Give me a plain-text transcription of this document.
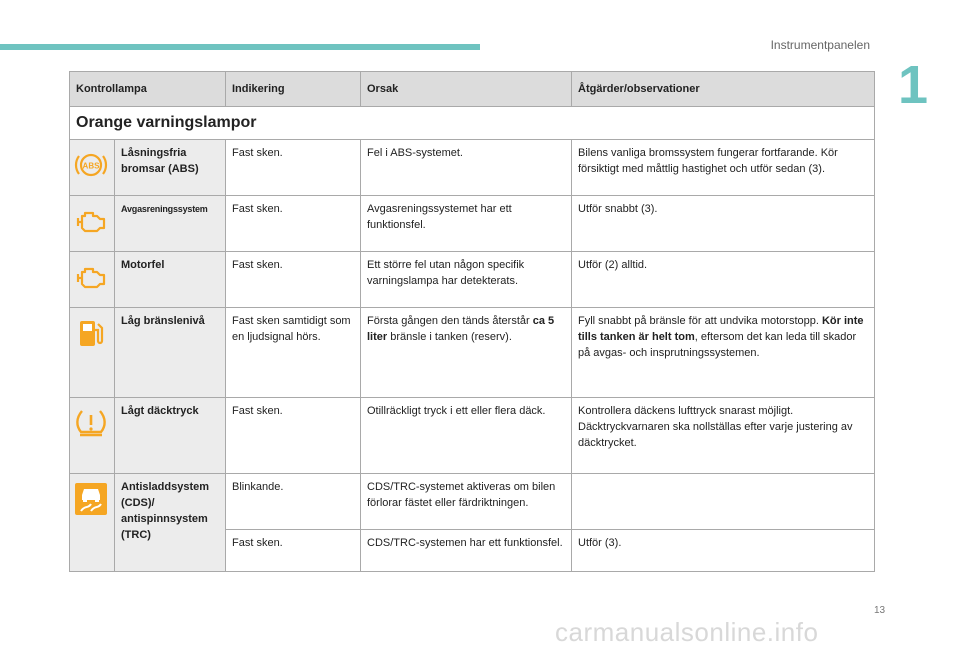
Instrumentpanelen
1
Kontrollampa		Indikering	Orsak	Åtgärder/observationer
Orange varningslampor				

ABS	Låsningsfria bromsar (ABS)	Fast sken.	Fel i ABS-systemet.	Bilens vanliga bromssystem fungerar fortfarande. Kör försiktigt med måttlig hastighet och utför sedan (3).
	Avgasreningssystem	Fast sken.	Avgasreningssystemet har ett funktionsfel.	Utför snabbt (3).
	Motorfel	Fast sken.	Ett större fel utan någon specifik varningslampa har detekterats.	Utför (2) alltid.
	Låg bränslenivå	Fast sken samtidigt som en ljudsignal hörs.	Första gången den tänds återstår ca 5 liter bränsle i tanken (reserv).	Fyll snabbt på bränsle för att undvika motorstopp. Kör inte tills tanken är helt tom, eftersom det kan leda till skador på avgas- och insprutningssystemen.
	Lågt däcktryck	Fast sken.	Otillräckligt tryck i ett eller flera däck.	Kontrollera däckens lufttryck snarast möjligt. Däcktryckvarnaren ska nollställas efter varje justering av däcktrycket.
	Antisladdsystem (CDS)/ antispinnsystem (TRC)	Blinkande.	CDS/TRC-systemet aktiveras om bilen förlorar fästet eller färdriktningen.	
		Fast sken.	CDS/TRC-systemen har ett funktionsfel.	Utför (3).
13
carmanualsonline.info
